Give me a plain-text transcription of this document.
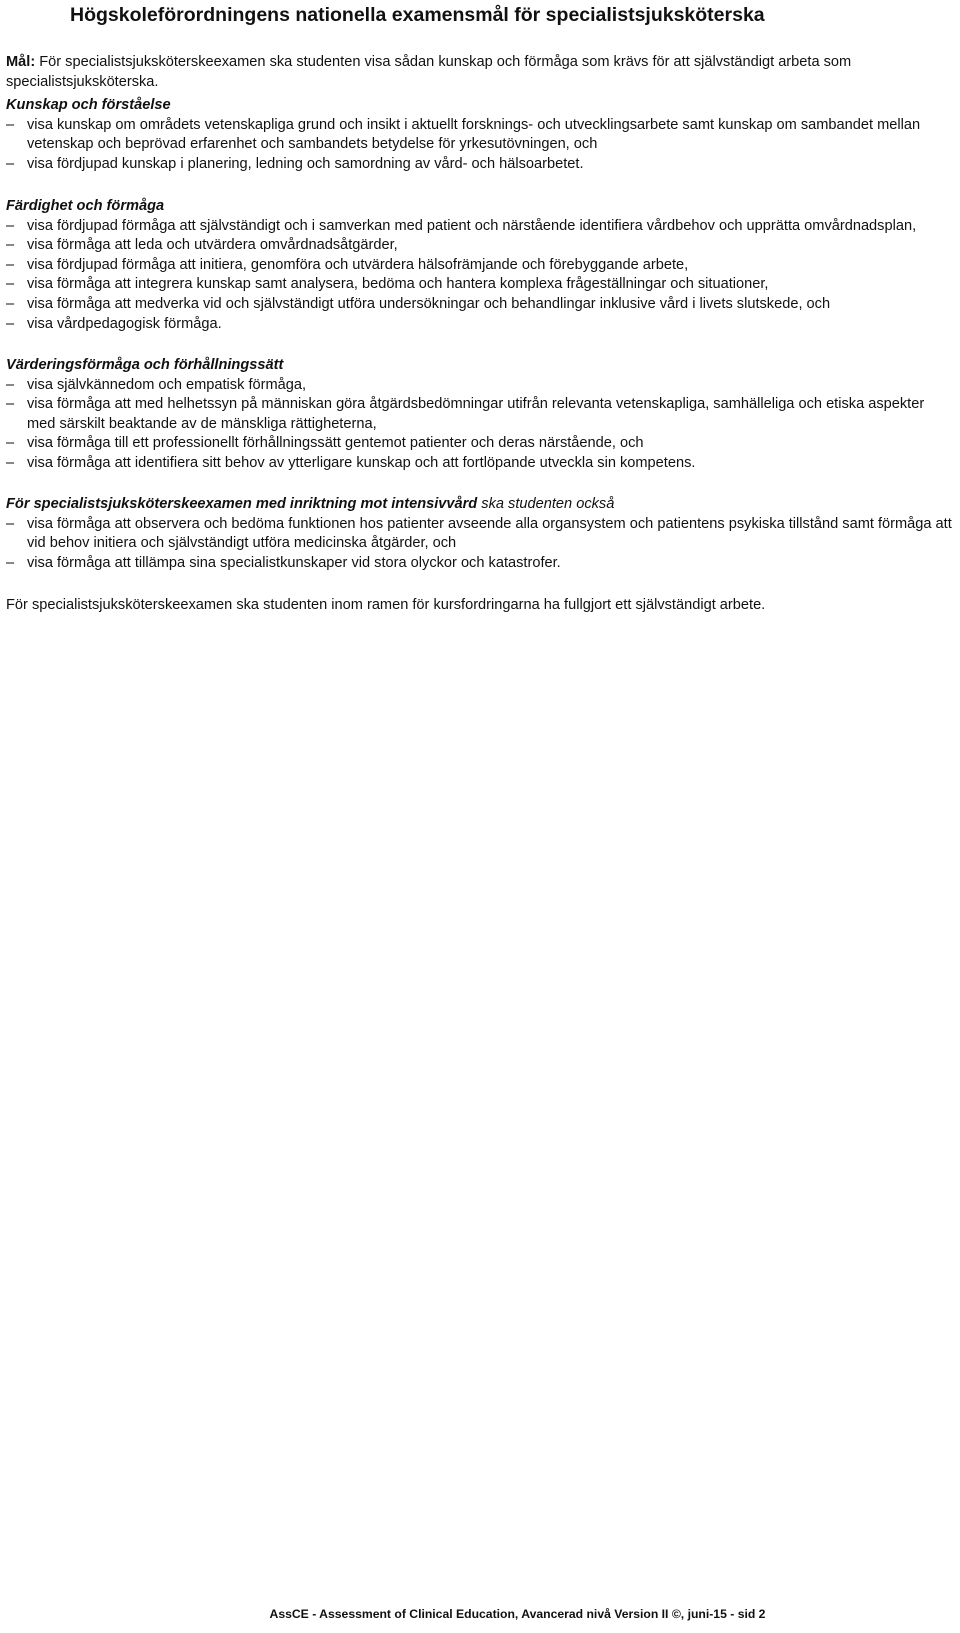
Högskoleförordningens nationella examensmål för specialistsjuksköterska
Mål: För specialistsjuksköterskeexamen ska studenten visa sådan kunskap och förmåga som krävs för att självständigt arbeta som specialistsjuksköterska.
Kunskap och förståelse
– visa kunskap om områdets vetenskapliga grund och insikt i aktuellt forsknings- och utvecklingsarbete samt kunskap om sambandet mellan vetenskap och beprövad erfarenhet och sambandets betydelse för yrkesutövningen, och
– visa fördjupad kunskap i planering, ledning och samordning av vård- och hälsoarbetet.
Färdighet och förmåga
– visa fördjupad förmåga att självständigt och i samverkan med patient och närstående identifiera vårdbehov och upprätta omvårdnadsplan,
– visa förmåga att leda och utvärdera omvårdnadsåtgärder,
– visa fördjupad förmåga att initiera, genomföra och utvärdera hälsofrämjande och förebyggande arbete,
– visa förmåga att integrera kunskap samt analysera, bedöma och hantera komplexa frågeställningar och situationer,
– visa förmåga att medverka vid och självständigt utföra undersökningar och behandlingar inklusive vård i livets slutskede, och
– visa vårdpedagogisk förmåga.
Värderingsförmåga och förhållningssätt
– visa självkännedom och empatisk förmåga,
– visa förmåga att med helhetssyn på människan göra åtgärdsbedömningar utifrån relevanta vetenskapliga, samhälleliga och etiska aspekter med särskilt beaktande av de mänskliga rättigheterna,
– visa förmåga till ett professionellt förhållningssätt gentemot patienter och deras närstående, och
– visa förmåga att identifiera sitt behov av ytterligare kunskap och att fortlöpande utveckla sin kompetens.
För specialistsjuksköterskeexamen med inriktning mot intensivvård ska studenten också
– visa förmåga att observera och bedöma funktionen hos patienter avseende alla organsystem och patientens psykiska tillstånd samt förmåga att vid behov initiera och självständigt utföra medicinska åtgärder, och
– visa förmåga att tillämpa sina specialistkunskaper vid stora olyckor och katastrofer.
För specialistsjuksköterskeexamen ska studenten inom ramen för kursfordringarna ha fullgjort ett självständigt arbete.
AssCE - Assessment of Clinical Education, Avancerad nivå Version II ©, juni-15 - sid 2
